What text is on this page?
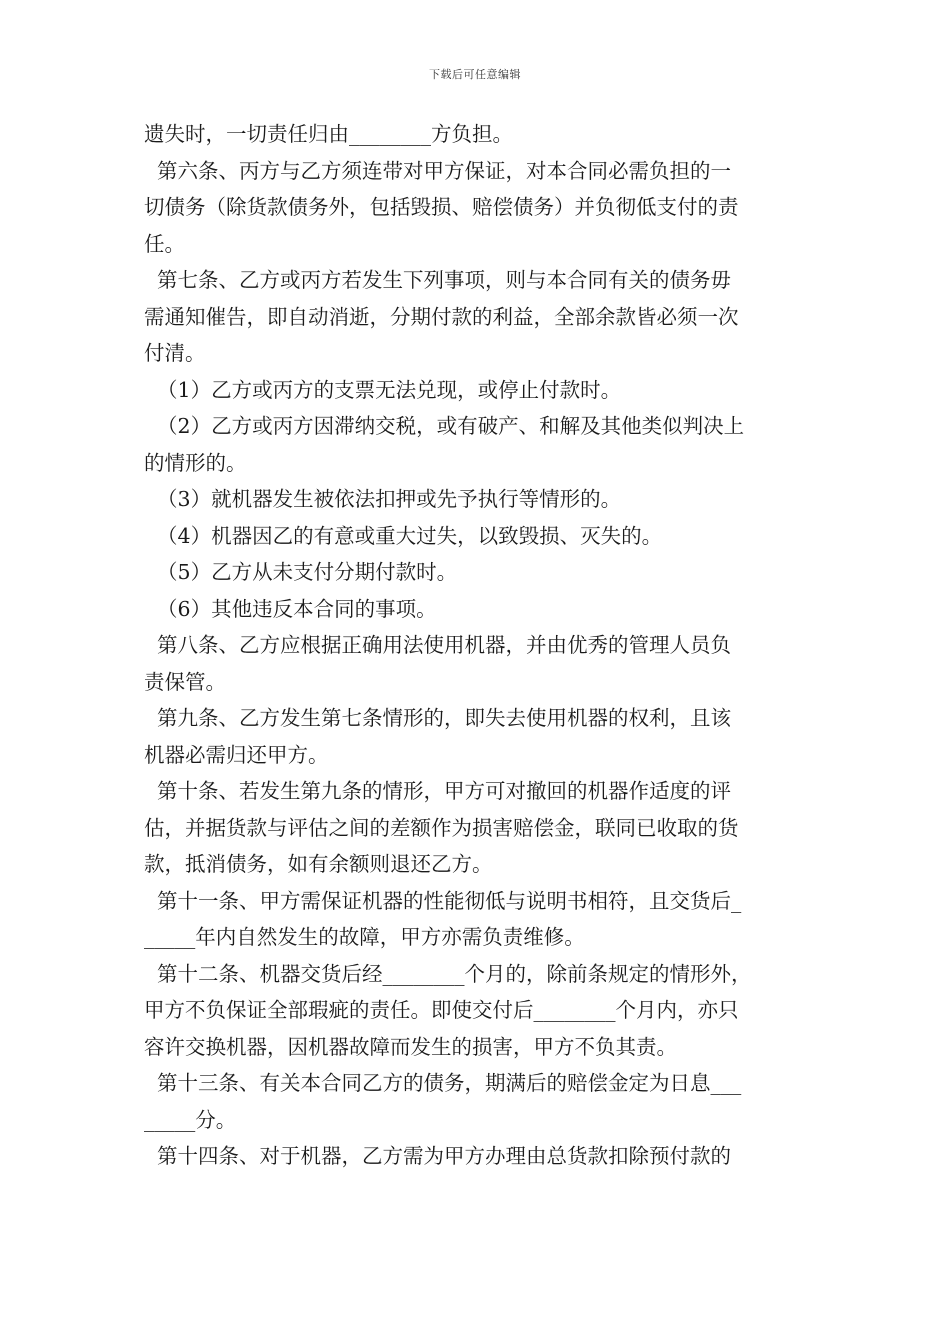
下载后可任意编辑
遗失时，一切责任归由________方负担。
第六条、丙方与乙方须连带对甲方保证，对本合同必需负担的一
切债务（除货款债务外，包括毁损、赔偿债务）并负彻低支付的责
任。
第七条、乙方或丙方若发生下列事项，则与本合同有关的债务毋
需通知催告，即自动消逝，分期付款的利益，全部余款皆必须一次
付清。
（1）乙方或丙方的支票无法兑现，或停止付款时。
（2）乙方或丙方因滞纳交税，或有破产、和解及其他类似判决上
的情形的。
（3）就机器发生被依法扣押或先予执行等情形的。
（4）机器因乙的有意或重大过失，以致毁损、灭失的。
（5）乙方从未支付分期付款时。
（6）其他违反本合同的事项。
第八条、乙方应根据正确用法使用机器，并由优秀的管理人员负
责保管。
第九条、乙方发生第七条情形的，即失去使用机器的权利，且该
机器必需归还甲方。
第十条、若发生第九条的情形，甲方可对撤回的机器作适度的评
估，并据货款与评估之间的差额作为损害赔偿金，联同已收取的货
款，抵消债务，如有余额则退还乙方。
第十一条、甲方需保证机器的性能彻低与说明书相符，且交货后_
_____年内自然发生的故障，甲方亦需负责维修。
第十二条、机器交货后经________个月的，除前条规定的情形外，
甲方不负保证全部瑕疵的责任。即使交付后________个月内，亦只
容许交换机器，因机器故障而发生的损害，甲方不负其责。
第十三条、有关本合同乙方的债务，期满后的赔偿金定为日息___
_____分。
第十四条、对于机器，乙方需为甲方办理由总货款扣除预付款的
